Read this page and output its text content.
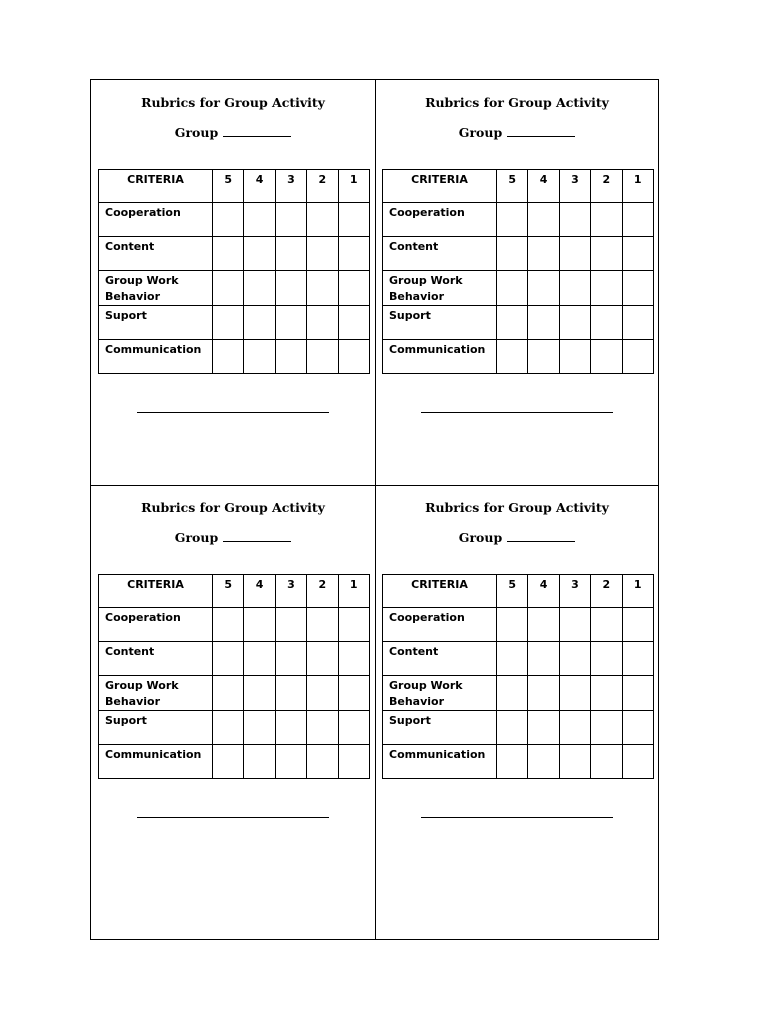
Rubrics for Group Activity
Group
CRITERIA	5	4	3	2	1
Cooperation					
Content					
Group Work Behavior					
Suport					
Communication					
Rubrics for Group Activity
Group
CRITERIA	5	4	3	2	1
Cooperation					
Content					
Group Work Behavior					
Suport					
Communication					
Rubrics for Group Activity
Group
CRITERIA	5	4	3	2	1
Cooperation					
Content					
Group Work Behavior					
Suport					
Communication					
Rubrics for Group Activity
Group
CRITERIA	5	4	3	2	1
Cooperation					
Content					
Group Work Behavior					
Suport					
Communication					
